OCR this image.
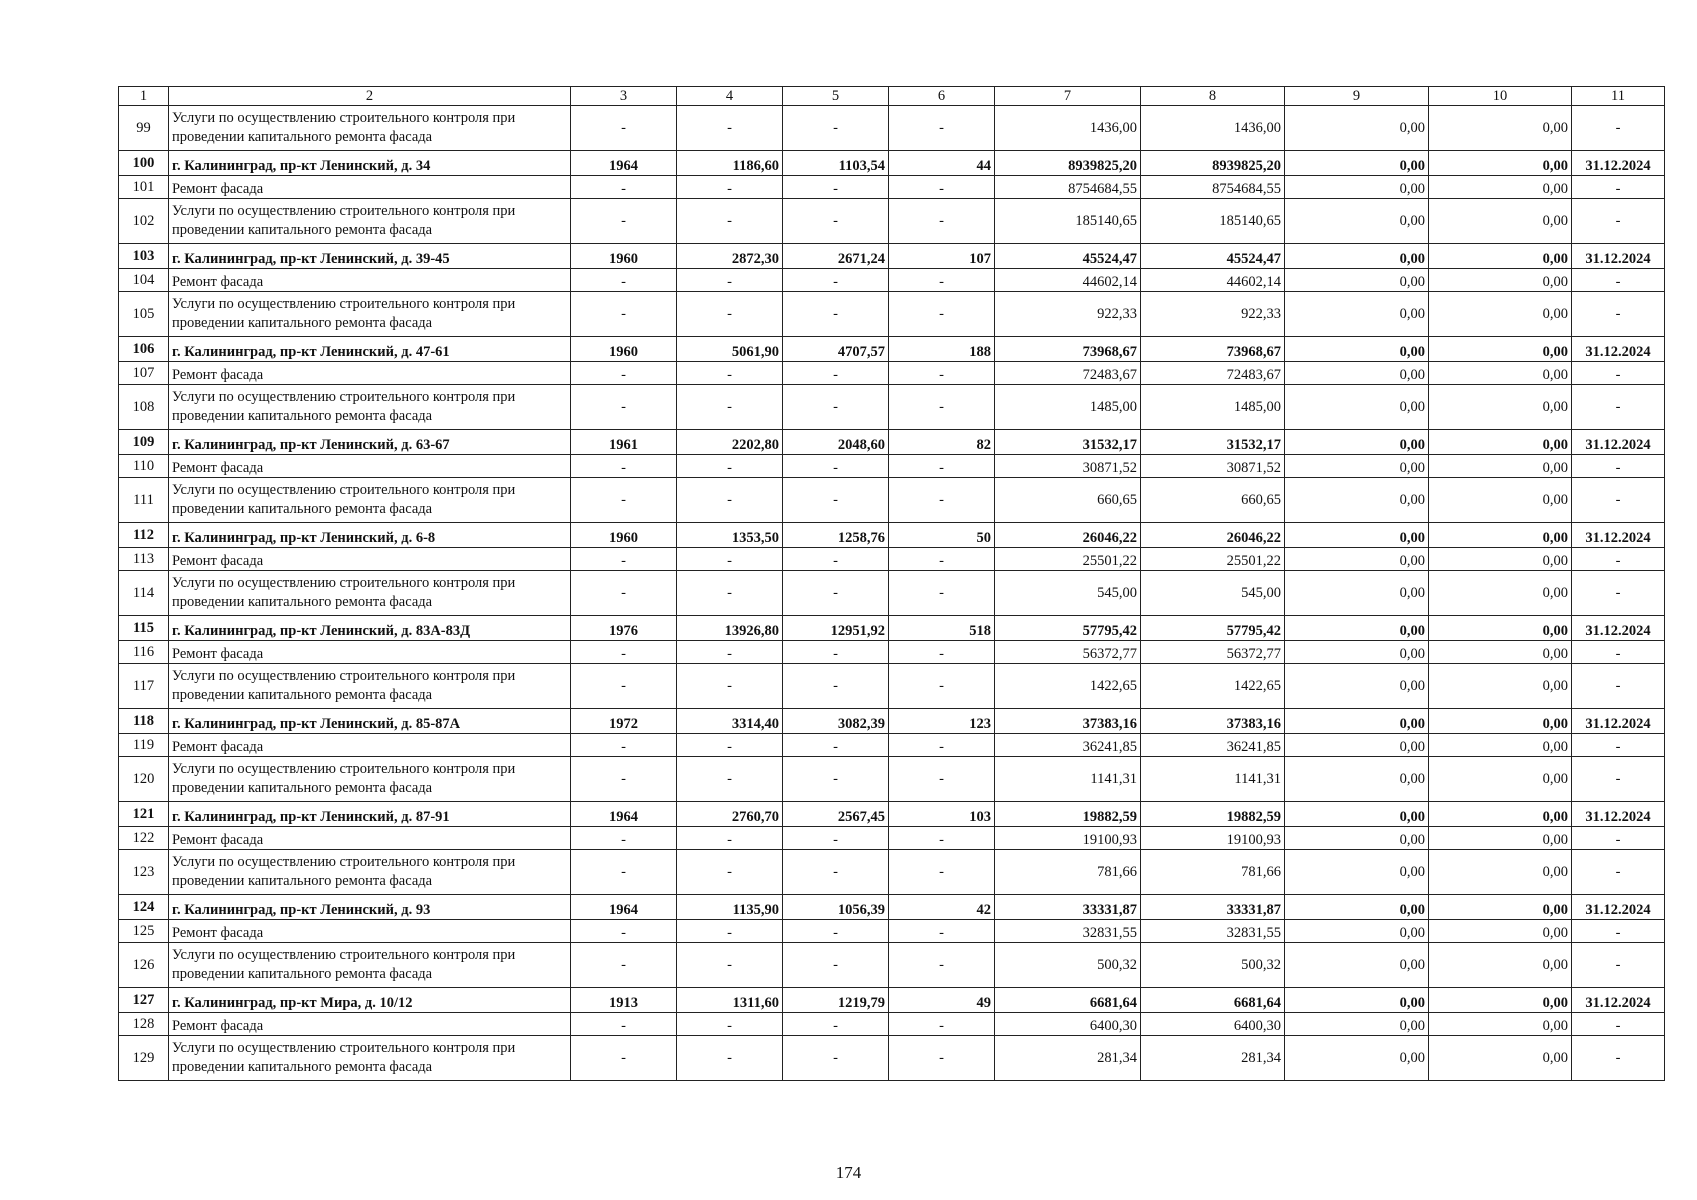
1	2	3	4	5	6	7	8	9	10	11
99	Услуги по осуществлению строительного контроля при проведении капитального ремонта фасада	-	-	-	-	1436,00	1436,00	0,00	0,00	-
100	г. Калининград, пр-кт Ленинский, д. 34	1964	1186,60	1103,54	44	8939825,20	8939825,20	0,00	0,00	31.12.2024
101	Ремонт фасада	-	-	-	-	8754684,55	8754684,55	0,00	0,00	-
102	Услуги по осуществлению строительного контроля при проведении капитального ремонта фасада	-	-	-	-	185140,65	185140,65	0,00	0,00	-
103	г. Калининград, пр-кт Ленинский, д. 39-45	1960	2872,30	2671,24	107	45524,47	45524,47	0,00	0,00	31.12.2024
104	Ремонт фасада	-	-	-	-	44602,14	44602,14	0,00	0,00	-
105	Услуги по осуществлению строительного контроля при проведении капитального ремонта фасада	-	-	-	-	922,33	922,33	0,00	0,00	-
106	г. Калининград, пр-кт Ленинский, д. 47-61	1960	5061,90	4707,57	188	73968,67	73968,67	0,00	0,00	31.12.2024
107	Ремонт фасада	-	-	-	-	72483,67	72483,67	0,00	0,00	-
108	Услуги по осуществлению строительного контроля при проведении капитального ремонта фасада	-	-	-	-	1485,00	1485,00	0,00	0,00	-
109	г. Калининград, пр-кт Ленинский, д. 63-67	1961	2202,80	2048,60	82	31532,17	31532,17	0,00	0,00	31.12.2024
110	Ремонт фасада	-	-	-	-	30871,52	30871,52	0,00	0,00	-
111	Услуги по осуществлению строительного контроля при проведении капитального ремонта фасада	-	-	-	-	660,65	660,65	0,00	0,00	-
112	г. Калининград, пр-кт Ленинский, д. 6-8	1960	1353,50	1258,76	50	26046,22	26046,22	0,00	0,00	31.12.2024
113	Ремонт фасада	-	-	-	-	25501,22	25501,22	0,00	0,00	-
114	Услуги по осуществлению строительного контроля при проведении капитального ремонта фасада	-	-	-	-	545,00	545,00	0,00	0,00	-
115	г. Калининград, пр-кт Ленинский, д. 83А-83Д	1976	13926,80	12951,92	518	57795,42	57795,42	0,00	0,00	31.12.2024
116	Ремонт фасада	-	-	-	-	56372,77	56372,77	0,00	0,00	-
117	Услуги по осуществлению строительного контроля при проведении капитального ремонта фасада	-	-	-	-	1422,65	1422,65	0,00	0,00	-
118	г. Калининград, пр-кт Ленинский, д. 85-87А	1972	3314,40	3082,39	123	37383,16	37383,16	0,00	0,00	31.12.2024
119	Ремонт фасада	-	-	-	-	36241,85	36241,85	0,00	0,00	-
120	Услуги по осуществлению строительного контроля при проведении капитального ремонта фасада	-	-	-	-	1141,31	1141,31	0,00	0,00	-
121	г. Калининград, пр-кт Ленинский, д. 87-91	1964	2760,70	2567,45	103	19882,59	19882,59	0,00	0,00	31.12.2024
122	Ремонт фасада	-	-	-	-	19100,93	19100,93	0,00	0,00	-
123	Услуги по осуществлению строительного контроля при проведении капитального ремонта фасада	-	-	-	-	781,66	781,66	0,00	0,00	-
124	г. Калининград, пр-кт Ленинский, д. 93	1964	1135,90	1056,39	42	33331,87	33331,87	0,00	0,00	31.12.2024
125	Ремонт фасада	-	-	-	-	32831,55	32831,55	0,00	0,00	-
126	Услуги по осуществлению строительного контроля при проведении капитального ремонта фасада	-	-	-	-	500,32	500,32	0,00	0,00	-
127	г. Калининград, пр-кт Мира, д. 10/12	1913	1311,60	1219,79	49	6681,64	6681,64	0,00	0,00	31.12.2024
128	Ремонт фасада	-	-	-	-	6400,30	6400,30	0,00	0,00	-
129	Услуги по осуществлению строительного контроля при проведении капитального ремонта фасада	-	-	-	-	281,34	281,34	0,00	0,00	-
174
